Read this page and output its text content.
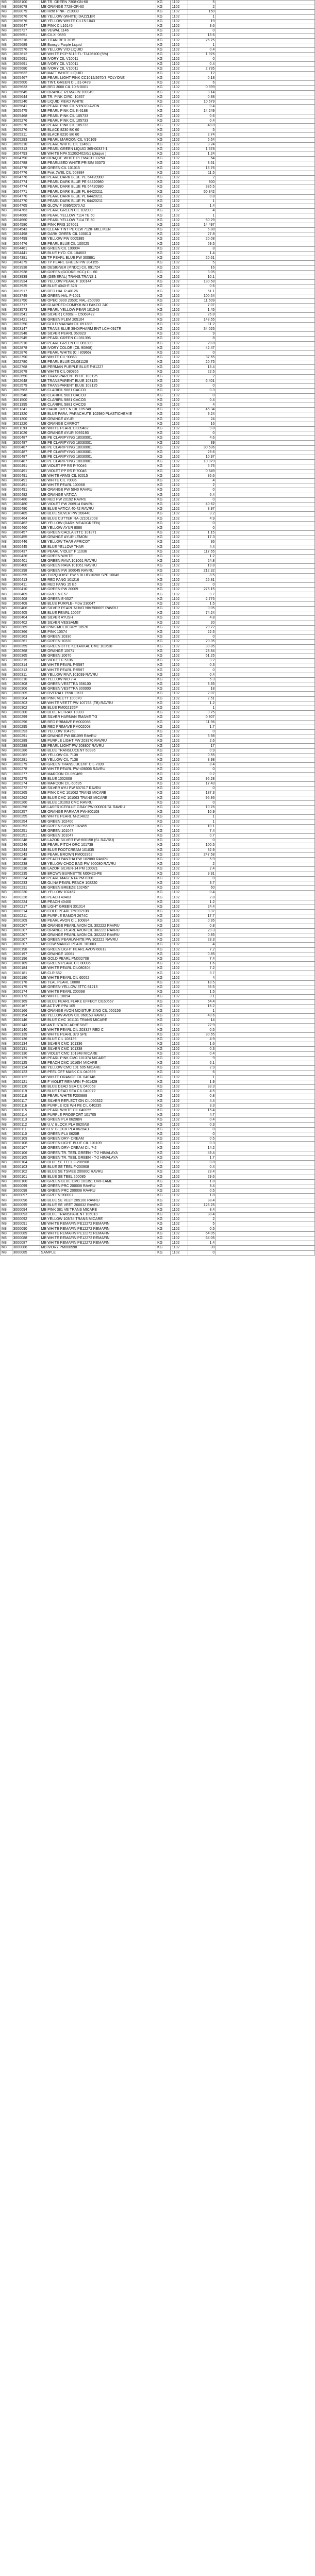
M8	3008100	MB TR. GREEN 7308-GN-60	KG	1102	5	
M8	3008078	MB ORANGE 7728-OR-60	KG	1102	2	
M8	3008079	MB Retd PINK- 210039	KG	1102	150	
M8	3005676	MB YELLOW (WHITE) DAZZLER	KG	1102	1	
M8	3005676	MB YELLOW WHITE CIL15-1043	KG	1102	19	
M8	3005647	MB PINK CIL16145	KG	1102	3.6	
M8	3005727	MB VEWAL 1146	KG	1102	0	
M8	3005651	MB CILXI-0593	KG	1102	18.6	
M8	3005216	MB TITAN RED 3015	KG	1102	26.75	
M8	3005689	MB Bonsyb Purple Liquid	KG	1102	1	
M8	3005576	MB YELLOW V/O LIQUID	KG	1102	0.4	
M8	3003612	MB WHITE PCP-5113-TL-T3426100 (5%)	KG	1102	1.976	
M8	3005691	MB IVORY CIL V10011	KG	1102	0	
M8	3005691	MB IVORY CIL V10011	KG	1102	0.4	
M8	3005680	MB IVORY CIL V10011	KG	1102	2.735	
M8	3005632	MB MATT WHITE LIQUID	KG	1102	12	
M8	3005467	MB PEARL LIGHT PINK CC1012/2670/3 POLYONE	KG	1102	0.18	
M8	3005600	MB TINT. GREEN CIL 31-0478	KG	1102	6	
M8	3005633	MB RED 3000 CIL 10-5-0001	KG	1102	0.899	
M8	3005645	MB ORANGE REMAFIN 100049	KG	1102	8.14	
M8	3005644	MB TR. PINK CIRC. 10457	KG	1102	0.88	
M8	3005240	MB LIQUID MEAD WHITE	KG	1102	10.579	
M8	3005641	MB PEARL PINK CIL V15070 AVON	KG	1102	0.4	
M8	3005475	MB PEARL PINK CIL K-6188	KG	1102	14.249	
M8	3005468	MB PEARL PINK CIL 105733	KG	1102	0.6	
M8	3005276	MB PEARL PINK CIL 105733	KG	1102	0.4	
M8	3005276	MB PEARL PINK CIL 105733	KG	1102	48.8	
M8	3005276	MB BLACK 8230 BK 60	KG	1102	5	
M8	3005311	MB BLACK 8230 BK 60	KG	1102	2.74	
M8	3005283	MB PEARL MAROON CIL V10169	KG	1102	5.64	
M8	3005310	MB PEARL WHITE CIL 124682	KG	1102	3.24	
M8	3005313	MB PEARL GREEN LIQUID 365-00337-1	KG	1102	1.678	
M8	3004793	MB WHITE NPA 5120/2402/6/1 (plaque )	KG	1102	1.24	
M8	3004790	MB OPAQUE WHITE PLEMACH 33250	KG	1102	64	
M8	3004788	MB PEARLISED WHITE PRISIM 63373	KG	1102	3.61	
M8	3004778	MB GREEN CIL 101015	KG	1102	15.76	
M8	3004776	MB Pink JWEL CIL 508884	KG	1102	11.5	
M8	3004776	MB PEARL DARK BLUE PE 64420980	KG	1102	2	
M8	3004774	MB PEARL DARK BLUE PE 64420980	KG	1102	300	
M8	3004774	MB PEARL DARK BLUE PE 64420980	KG	1102	335.5	
M8	3004771	MB PEARL DARK BLUE PL 64420211	KG	1102	50.842	
M8	3004770	MB PEARL DARK BLUE PL 64420211	KG	1102	0.8	
M8	3004770	MB PEARL DARK BLUE PL 64420211	KG	1102	1	
M8	3004765	MB GLOW F 3095/2070 A2	KG	1102	1.4	
M8	3004763	MB PEARL GREEN CIL 102000	KG	1102	4	
M8	3004660	MB PEARL YELLOW 7114 TE 50	KG	1102	1	
M8	3004660	MB PEARL YELLOW 7114 TE 50	KG	1102	50.29	
M8	3004580	MB PINK PRIS 107061	KG	1102	14.497	
M8	3004543	MB CLEAR TINT PE CLW 7128- MILLIKEN	KG	1102	5.88	
M8	3004498	MB DARK GREEN CIL 100013	KG	1102	27.8	
M8	3004499	MB YELLOW PW 0005385	KG	1102	20.08	
M8	3004476	MB PEARL BLUE CIL 100025	KG	1102	69.5	
M8	3004461	MB GREEN CIL 100004	KG	1102	8	
M8	3004441	MB BLUE HYD. CIL 104603	KG	1102	1.4	
M8	3004381	MB TP PEARL BLUE PW 300861	KG	1102	20.61	
M8	3004379	MB TP PEARL GREEN PW 304155	KG	1102	5	
M8	3003938	MB DESIGNER (P.NDC) CIL 091724	KG	1102	16	
M8	3003938	MB GREEN (GODRE.HCC) CIL 60	KG	1102	3.05	
M8	3003939	MB (GENERAL) TRANS.TRANS.1	KG	1102	10.1	
M8	3003934	MB YELLOW PEARL F 100144	KG	1102	130.58	
M8	3003925	MB BLUE 4040-E 32B	KG	1102	0.6	
M8	3003917	MB RED HAL R-40126	KG	1102	61.1	
M8	3003749	MB GREEN HAL F-1021	KG	1102	100.54	
M8	3003750	MB OPEC 0900 2350C RAL-250090	KG	1102	11.609	
M8	3003717	MB GUARDED COMPOUND FAKCO 240	KG	1102	7.07	
M8	3003573	MB PEARL YELLOW PEAR 101043	KG	1102	1.45	
M8	3003541	MB SILVER ( Cristal -- C5068422	KG	1102	26.8	
M8	3003421	MB GREEN PLEM 205104	KG	1102	143.55	
M8	3003250	MB GOLD MARIAN CIL 091383	KG	1102	11.2	
M8	3003147	MB TRANS BLUE 39-DIPHARM ENT LCH-091TR	KG	1102	34.025	
M8	3002948	MB SILVER PEARL 060923	KG	1102	9	
M8	3002945	MB PEARL GREEN CL081396	KG	1102	8	
M8	3002910	MB PEARL GREEN CIL 081399	KG	1102	20.8	
M8	3002878	MB IVORY COLOR (CIL 90868)	KG	1102	42.47	
M8	3002876	MB PEARL WHITE (C.I 80966)	KG	1102	0	
M8	3002790	MB WHITE CIL 90863	KG	1102	37.65	
M8	3002780	MB PEARL BLUE CIL081128	KG	1102	20.75	
M8	3002768	MB PERMAN PURPLE BLUE F-81227	KG	1102	15.4	
M8	3002678	MB WHITE CIL 080856	KG	1102	22.5	
M8	3002650	MB TRANSPARENT BLUE 103125	KG	1102	2	
M8	3002648	MB TRANSPARENT BLUE 103125	KG	1102	6.401	
M8	3002579	MB TRANSPARENT BLUE 103125	KG	1102	0	
M8	3002563	MB CLARIFIL 5881 CACO3	KG	1102	0.3	
M8	3002540	MB CLARIFIL 5881 CACO3	KG	1102	0	
M8	3001500	MB CLARIFIL 5881 CACO3	KG	1102	0.4	
M8	3001395	MB CLARIFIL 5881 CACO3	KG	1102	4	
M8	3001341	MB DARK GREEN CIL 105748	KG	1102	45.34	
M8	3001320	MB BLUE PARA. PARACHUTE 102980 PLASTICHEMIE	KG	1102	9.24	
M8	3001300	MB ORANGE AYUR	KG	1102	24	
M8	3001220	MB ORANGE CARROT	KG	1102	16	
M8	3001193	MB WHITE PEARL CIL09482	KG	1102	9.8	
M8	3001026	MB ORANGE AYUR 9093193	KG	1102	0	
M8	3000487	MB PE CLARIFYING 18030001	KG	1102	4.6	
M8	3000487	MB PE CLARIFYING 18030001	KG	1102	39	
M8	3000487	MB PE CLARIFYING 18030001	KG	1102	30.536	
M8	3000487	MB PE CLARIFYING 18030001	KG	1102	29.6	
M8	3000487	MB PE CLARIFYING 18030001	KG	1102	10.97	
M8	3000487	MB PE CLARIFYING 18030001	KG	1102	10.979	
M8	3000491	MB VIOLET PP RS F-70046	KG	1102	6.75	
M8	3000491	MB VIOLET PP RS F-70046	KG	1102	0.649	
M8	3000491	MB WHITE ARMS CIL 92015	KG	1102	86.6	
M8	3000491	MB WHITE CIL 70086	KG	1102	4	
M8	3000491	MB WHITE PEARL 100068	KG	1102	2	
M8	3000491	MB ORANGE PW 5040 RAVRU	KG	1102	0	
M8	3000482	MB ORANGE VATICA	KG	1102	6.4	
M8	3000480	MB RED PW 20192 RAVRU	KG	1102	0	
M8	3000480	MB VIOLET PW 206914 RAVRU	KG	1102	40.62	
M8	3000480	MB BLUE VATICA 40-42 RAVRU	KG	1102	3.97	
M8	3000485	MB BLUE SILVER PW 208440	KG	1102	3.2	
M8	3000464	MB BLUE CUTTER RA-J21012008	KG	1102	4.9	
M8	3000462	MB YELLOW (DARK MEADGREEN)	KG	1102	0	
M8	3000460	MB YELLOW AYUR 8086	KG	1102	0	
M8	3000457	MB GREEN CAOLA 3TTC 101371	KG	1102	1.15	
M8	3000455	MB ORANGE AYUR LEMON	KG	1102	17.3	
M8	3000446	MB YELLOW THAR APRICOT	KG	1102	36	
M8	3000445	MB BLUE YELLOW THAR	KG	1102	4.4	
M8	3000437	MB PEARL VIOLET F 11036	KG	1102	117.65	
M8	3000426	MB GREEN WHITE	KG	1102	1.2	
M8	3000401	MB GREEN RAVA 101061 RAVRU	KG	1102	24.8	
M8	3000400	MB GREEN RAVA 101061 RAVRU	KG	1102	19.8	
M8	3000398	MB GREEN PW 306045 RAVRU	KG	1102	212.32	
M8	3000395	MB TURQUOISE PW 5 BLUE/10208 SPF 10046	KG	1102	8.5	
M8	3000413	MB RED PANG 101216	KG	1102	25.81	
M8	3000411	MB RED PANG 15 E5	KG	1102	0	
M8	3000410	MB GREEN PW 20009	KG	1102	275.15	
M8	3000409	MB GREEN E57	KG	1102	9.7	
M8	3000408	MB GREEN E-5527	KG	1102	2.775	
M8	3000408	MB BLUE PURPLE- Flow 230047	KG	1102	1.5	
M8	3000406	MB SILVER PEARL NUVO NIV-500009 RAVRU	KG	1102	0.05	
M8	3000405	MB BLUE PEARL 10057	KG	1102	74.24	
M8	3000404	MB SILVER AYUSH	KG	1102	4.8	
M8	3000402	MB SILVER VESSAME	KG	1102	20	
M8	3000369	MB PINK-MULBERRY 10576	KG	1102	20.72	
M8	3000366	MB PINK 10574	KG	1102	22.5	
M8	3000363	MB GREEN 10330	KG	1102	0	
M8	3000361	MB GREEN 10330	KG	1102	20.35	
M8	3000359	MB GREEN 3TTC KOTAKKAL CMC 102638	KG	1102	30.85	
M8	3000368	MB ORANGE 10671	KG	1102	23.84	
M8	3000365	MB GREEN 10670	KG	1102	61.25	
M8	3000315	MB VIOLET F-5106	KG	1102	3.2	
M8	3000314	MB WHITE PEARL F-5597	KG	1102	0.3	
M8	3000313	MB WHITE PEARL F-5597	KG	1102	0	
M8	3000311	MB YELLOW RIVA 101039 RAVRU	KG	1102	0.4	
M8	3000310	MB YELLOW NID 7-4	KG	1102	5.3	
M8	3000308	MB GREEN VESTTRA 356100	KG	1102	3.35	
M8	3000306	MB GREEN VESTTRA 300000	KG	1102	18	
M8	3000305	MB OVERALL PINK LIK11	KG	1102	2.07	
M8	3000304	MB PINK VEETT 100070	KG	1102	2.51	
M8	3000303	MB WHITE VEETT PW 107763 (TB) RAVRU	KG	1102	1.2	
M8	3000302	MB BLUE PM002155P	KG	1102	1	
M8	3000300	MB BLUE RETRAX 10303	KG	1102	0.75	
M8	3000299	MB SILVER HARMAN EMAME T-3	KG	1102	0.907	
M8	3000296	MB RED PRIMAVE PM002086	KG	1102	11.96	
M8	3000295	MB RED PRIMAVE PM002008	KG	1102	1.7	
M8	3000293	MB YELLOW 104759	KG	1102	0	
M8	3000291	MB ORANGE PW 001099 RAVRU	KG	1102	5.98	
M8	3000289	MB PURPLE LIGHT PW 203970 RAVRU	KG	1102	2.6	
M8	3000288	MB PEARL LIGHT PW 208807 RAVRU	KG	1102	17	
M8	3000286	MB BLUE TRANSLUCENT 60986	KG	1102	0.9	
M8	3000282	MB YELLOW CIL 7138	KG	1102	0.55	
M8	3000281	MB YELLOW CIL 7138	KG	1102	3.98	
M8	3000279	MB GREEN TRANSLUCENT CIL-7039	KG	1102	8.4	
M8	3000278	MB WHITE PEARL PW-406006 RAVRU	KG	1102	0	
M8	3000277	MB MAROON CIL060469	KG	1102	0.2	
M8	3000275	MB BLUE 1002608	KG	1102	95.28	
M8	3000274	MB MAROON CIL-60695	KG	1102	17.43	
M8	3000272	MB SILVER AYU PW 607017 RAVRU	KG	1102	0	
M8	3000265	MB PINK CMC 101062 TRANS MICARE	KG	1102	187.3	
M8	3000262	MB BLUE CMC 101063 TRANS MICARE	KG	1102	95.86	
M8	3000260	MB BLUE 101063 CMC RAVRU	KG	1102	0	
M8	3000258	MB LASER ICEBLUE GRAY PW 000801/SL RAVRU	KG	1102	10.76	
M8	3000257	MB ORANGE PARMAR PW-800108	KG	1102	10.9	
M8	3000255	MB WHITE PEARL M-214822	KG	1102	1	
M8	3000254	MB GREEN 102400	KG	1102	1	
M8	3000253	MB GREEN SILVER 102455	KG	1102	10.1	
M8	3000251	MB GREEN 101047	KG	1102	7.4	
M8	3000251	MB GREEN 101047	KG	1102	0.7	
M8	3000248	MB LAZOR SILVER PW-800158 (SL RAVRU)	KG	1102	0	
M8	3000246	MB PEARL PITCH ORC 101739	KG	1102	100.5	
M8	3000244	MB BLUE FOOTCREAM 101035	KG	1102	32.9	
M8	3000243	MB PEARL BROWN PM002852	KG	1102	247.58	
M8	3000240	MB PEACH PANTHA PW 102080 RAVRU	KG	1102	5.9	
M8	3000238	MB YELLOW CHOC BAG PW 900080 RAVRU	KG	1102	2	
M8	3000236	MB LAZOR SILVER-14 PM 100021	KG	1102	2.4	
M8	3000235	MB BROWN BURNETTE M00423-PE	KG	1102	9.91	
M8	3000234	MB PEARL MAGENTA PM-8200	KG	1102	0	
M8	3000233	MB OLINA PEARL PEACH 108220	KG	1102	3.7	
M8	3000231	MB GREEN BREEZE 102457	KG	1102	60	
M8	3000230	MB YELLOW 102457	KG	1102	0.4	
M8	3000228	MB PEACH 40403	KG	1102	2.8	
M8	3000224	MB PEACH 40400	KG	1102	1.2	
M8	3000217	MB LIGHT GREEN 301014	KG	1102	24.4	
M8	3000214	MB COLD PEARL PM002108	KG	1102	0.37	
M8	3000211	MB PURPLE EAMOR 2674C	KG	1102	17.7	
M8	3000209	MB PEARL AVON CIL 100894	KG	1102	0.95	
M8	3000207	MB ORANGE PEARL AVON CIL 302222 RAVRU	KG	1102	0.8	
M8	3000207	MB ORANGE PEARL AVON CIL 302222 RAVRU	KG	1102	29.3	
M8	3000207	MB ORANGE PEARL AVON CIL 302222 RAVRU	KG	1102	0.85	
M8	3000207	MB GREEN PEARLWHITE PW 302222 RAVRU	KG	1102	23.3	
M8	3000207	MB LOW MANGO PEARL 101003	KG	1102	4	
M8	3000198	MB GREEN LIGHT PEARL AVON 60812	KG	1102	7.2	
M8	3000197	MB ORANGE 10061	KG	1102	0.85	
M8	3000196	MB GOLD PEARL PM002708	KG	1102	7.4	
M8	3000189	MB GREEN PEARL CIL 80036	KG	1102	1.6	
M8	3000184	MB WHITE PEARL CIL080304	KG	1102	7.2	
M8	3000181	MB CLR 552	KG	1102	3.7	
M8	3000180	MB WHITE PEARL CIL 60052	KG	1102	4	
M8	3000178	MB TEAL PEARL 10008	KG	1102	18.5	
M8	3000175	MB GREEN-YELLOW 3TTC 61215	KG	1102	56.5	
M8	3000174	MB WHITE PEARL 200098	KG	1102	1.5	
M8	3000173	MB WHITE 10094	KG	1102	3.1	
M8	3000169	MB BLUE PEARL FLAKE EFFECT CIL60567	KG	1102	64.4	
M8	3000167	MB ACTIVE PPA 105	KG	1102	16.2	
M8	3000166	MB ORANGE AVON MOISTURIZING CIL 050156	KG	1102	1	
M8	3000154	MB YELLOW AVON CIL 060153 RAVRU	KG	1102	43.6	
M8	3000146	MB BLUE CMC 101131 TRANS MICARE	KG	1102	14	
M8	3000143	MB ANTI STATIC ADHESIVE	KG	1102	22.9	
M8	3000140	MB WHITE PEARL CIL 203327 RED C	KG	1102	0.5	
M8	3000139	MB WHITE PEARL 379 SPE	KG	1102	30.55	
M8	3000136	MB BLUE CIL 108139	KG	1102	4.9	
M8	3000134	MB SILVER CMC 101336	KG	1102	1.6	
M8	3000131	MB SILVER CMC 101338	KG	1102	0.3	
M8	3000130	MB VIOLET CMC 101348 MICARE	KG	1102	0.4	
M8	3000129	MB PEARL PINK CMC 101374 MICARE	KG	1102	9	
M8	3000125	MB PEACH CMC 101654 MICARE	KG	1102	6.1	
M8	3000124	MB YELLOW CMC 101 605 MICARE	KG	1102	2.9	
M8	3000123	MB PEEL OFF MASK CIL 040399	KG	1102	6	
M8	3000122	MB WHITE ORANGE CIL 040146	KG	1102	1	
M8	3000121	MB F VIOLET REMAFIN F-401429	KG	1102	1.9	
M8	3000120	MB BLUE DEAD SEA CIL 040068	KG	1102	33.3	
M8	3000119	MB BLUE DEAD SEA CIL 040072	KG	1102	4.5	
M8	3000118	MB PEARL WHITE F200889	KG	1102	0.8	
M8	3000117	MB SILVER REFLECTION CIL060322	KG	1102	4.4	
M8	3000116	MB PURPLE ICE WH PE CIL 040235	KG	1102	3.3	
M8	3000115	MB PEARL WHITE CIL 040055	KG	1102	15.4	
M8	3000114	MB PURPLE PROSPORT 101705	KG	1102	4.7	
M8	3000113	MB GREEN PLA 0620BN	KG	1102	0.4	
M8	3000112	MB U.V. BLOCK PLA 0620AB	KG	1102	0.3	
M8	3000111	MB U.V. BLOCK PLA 0620AB	KG	1102	0	
M8	3000110	MB GREEN PLA 0620B	KG	1102	0	
M8	3000109	MB GREEN DRY- CREAM	KG	1102	0.5	
M8	3000108	MB GREEN LIGHT BLUE CIL 101109	KG	1102	0.3	
M8	3000107	MB GREEN DRY- CREAM CIL 7-2	KG	1102	14.2	
M8	3000106	MB GREEN TR. TEEL GREEN - T-2 HIMALAYA	KG	1102	49.4	
M8	3000105	MB GREEN TR. TEEL GREEN - T-2 HIMALAYA	KG	1102	1.7	
M8	3000104	MB BLUE SE TEEL F-200908	KG	1102	0.8	
M8	3000103	MB BLUE SE TEEL F-200908	KG	1102	0.4	
M8	3000102	MB BLUE SE TSMEE 20080C RAVRU	KG	1102	23.4	
M8	3000101	MB BLUE SE TEEL 200085	KG	1102	29.6	
M8	3000100	MB GREEN BLUE CMC 101351 ORIFLAME	KG	1102	1.8	
M8	3000099	MB GREEN PRC 200008 RAVRU	KG	1102	8.4	
M8	3000098	MB GREEN PRC 200008 RAVRU	KG	1102	0.5	
M8	3000097	MB GREEN 200007	KG	1102	1.8	
M8	3000096	MB BLUE SE VEET 205100 RAVRU	KG	1102	88.4	
M8	3000095	MB BLUE SE VEET 200032 RAVRU	KG	1102	128.25	
M8	3000094	MB PINK 381 VE TRANS MICARE	KG	1102	8.4	
M8	3000093	MB BLUE TRANSPARENT 106013	KG	1102	88.4	
M8	3000092	MB YELLOW 103/34 TRANS MICARE	KG	1102	2	
M8	3000091	MB WHITE REMAFIN PE12272 REMAFIN	KG	1102	5	
M8	3000090	MB WHITE REMAFIN PE12272 REMAFIN	KG	1102	0.5	
M8	3000089	MB WHITE REMAFIN PE12272 REMAFIN	KG	1102	64.05	
M8	3000088	MB WHITE REMAFIN PE12272 REMAFIN	KG	1102	64.05	
M8	3000087	MB WHITE REMAFIN PE12272 REMAFIN	KG	1102	1.4	
M8	3000086	MB IVORY PM000598	KG	1102	30	
M8	3000085	SAMPLE	KG	1102	0	
